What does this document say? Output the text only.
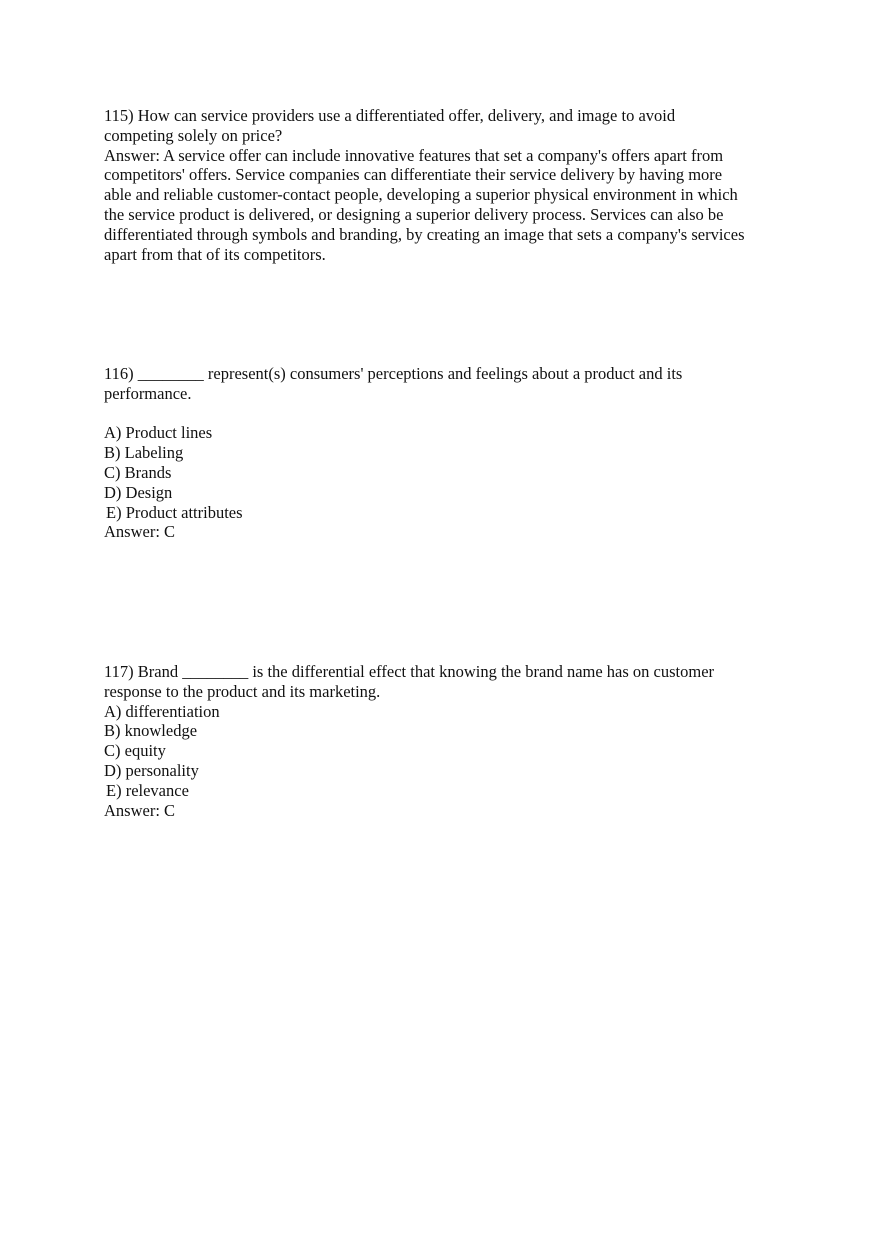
115) How can service providers use a differentiated offer, delivery, and image to avoid
competing solely on price?
Answer: A service offer can include innovative features that set a company's offers apart from
competitors' offers. Service companies can differentiate their service delivery by having more
able and reliable customer-contact people, developing a superior physical environment in which
the service product is delivered, or designing a superior delivery process. Services can also be
differentiated through symbols and branding, by creating an image that sets a company's services
apart from that of its competitors.
116) ________ represent(s) consumers' perceptions and feelings about a product and its
performance.
A) Product lines
B) Labeling
C) Brands
D) Design
E) Product attributes
Answer: C
117) Brand ________ is the differential effect that knowing the brand name has on customer
response to the product and its marketing.
A) differentiation
B) knowledge
C) equity
D) personality
E) relevance
Answer: C
